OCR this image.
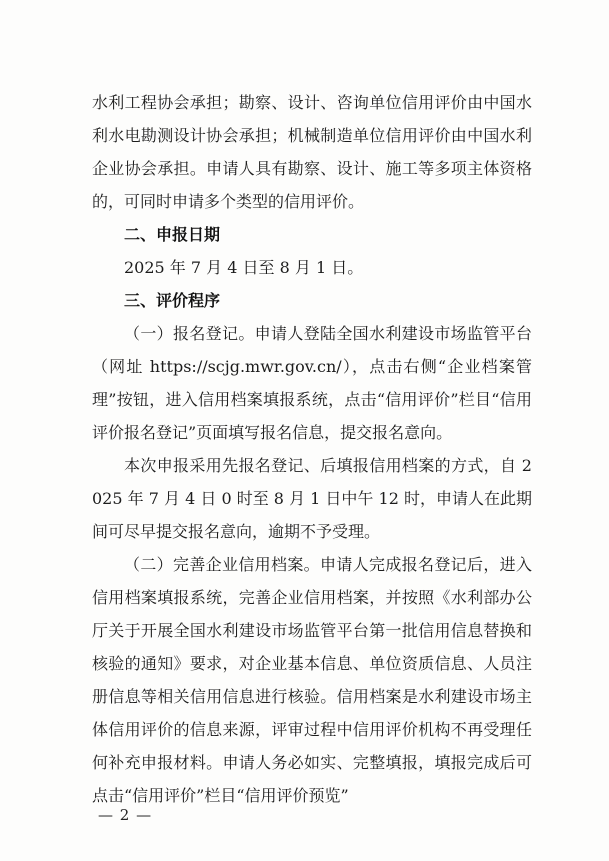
水利工程协会承担；勘察、设计、咨询单位信用评价由中国水利水电勘测设计协会承担；机械制造单位信用评价由中国水利企业协会承担。申请人具有勘察、设计、施工等多项主体资格的，可同时申请多个类型的信用评价。

二、申报日期

2025 年 7 月 4 日至 8 月 1 日。

三、评价程序

（一）报名登记。申请人登陆全国水利建设市场监管平台（网址 https://scjg.mwr.gov.cn/），点击右侧“企业档案管理”按钮，进入信用档案填报系统，点击“信用评价”栏目“信用评价报名登记”页面填写报名信息，提交报名意向。

本次申报采用先报名登记、后填报信用档案的方式，自 2025 年 7 月 4 日 0 时至 8 月 1 日中午 12 时，申请人在此期间可尽早提交报名意向，逾期不予受理。

（二）完善企业信用档案。申请人完成报名登记后，进入信用档案填报系统，完善企业信用档案，并按照《水利部办公厅关于开展全国水利建设市场监管平台第一批信用信息替换和核验的通知》要求，对企业基本信息、单位资质信息、人员注册信息等相关信用信息进行核验。信用档案是水利建设市场主体信用评价的信息来源，评审过程中信用评价机构不再受理任何补充申报材料。申请人务必如实、完整填报，填报完成后可点击“信用评价”栏目“信用评价预览”

— 2 —
